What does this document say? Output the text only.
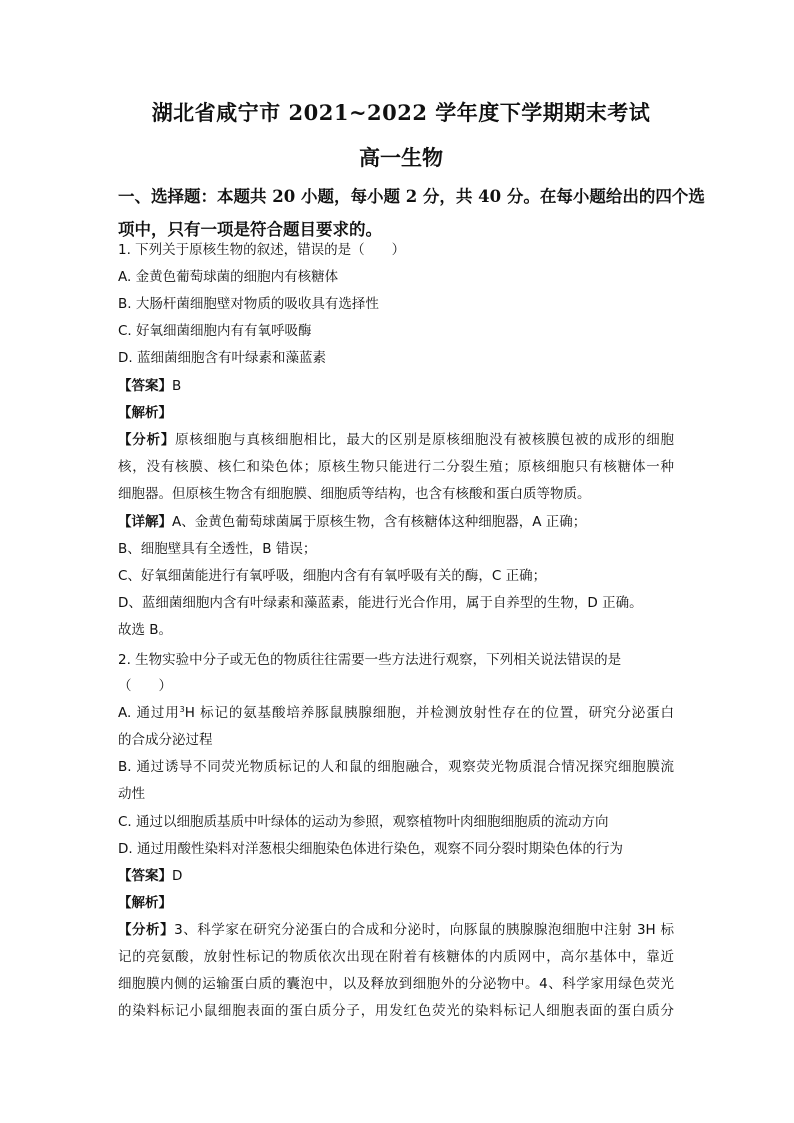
湖北省咸宁市 2021~2022 学年度下学期期末考试
高一生物
一、选择题：本题共 20 小题，每小题 2 分，共 40 分。在每小题给出的四个选
项中，只有一项是符合题目要求的。
1. 下列关于原核生物的叙述，错误的是（　　）
A. 金黄色葡萄球菌的细胞内有核糖体
B. 大肠杆菌细胞壁对物质的吸收具有选择性
C. 好氧细菌细胞内有有氧呼吸酶
D. 蓝细菌细胞含有叶绿素和藻蓝素
【答案】B
【解析】
【分析】原核细胞与真核细胞相比，最大的区别是原核细胞没有被核膜包被的成形的细胞
核，没有核膜、核仁和染色体；原核生物只能进行二分裂生殖；原核细胞只有核糖体一种
细胞器。但原核生物含有细胞膜、细胞质等结构，也含有核酸和蛋白质等物质。
【详解】A、金黄色葡萄球菌属于原核生物，含有核糖体这种细胞器，A 正确；
B、细胞壁具有全透性，B 错误；
C、好氧细菌能进行有氧呼吸，细胞内含有有氧呼吸有关的酶，C 正确；
D、蓝细菌细胞内含有叶绿素和藻蓝素，能进行光合作用，属于自养型的生物，D 正确。
故选 B。
2. 生物实验中分子或无色的物质往往需要一些方法进行观察，下列相关说法错误的是
（　　）
A. 通过用$^3$H 标记的氨基酸培养豚鼠胰腺细胞，并检测放射性存在的位置，研究分泌蛋白
的合成分泌过程
B. 通过诱导不同荧光物质标记的人和鼠的细胞融合，观察荧光物质混合情况探究细胞膜流
动性
C. 通过以细胞质基质中叶绿体的运动为参照，观察植物叶肉细胞细胞质的流动方向
D. 通过用酸性染料对洋葱根尖细胞染色体进行染色，观察不同分裂时期染色体的行为
【答案】D
【解析】
【分析】3、科学家在研究分泌蛋白的合成和分泌时，向豚鼠的胰腺腺泡细胞中注射 3H 标
记的亮氨酸，放射性标记的物质依次出现在附着有核糖体的内质网中，高尔基体中，靠近
细胞膜内侧的运输蛋白质的囊泡中，以及释放到细胞外的分泌物中。4、科学家用绿色荧光
的染料标记小鼠细胞表面的蛋白质分子，用发红色荧光的染料标记人细胞表面的蛋白质分
